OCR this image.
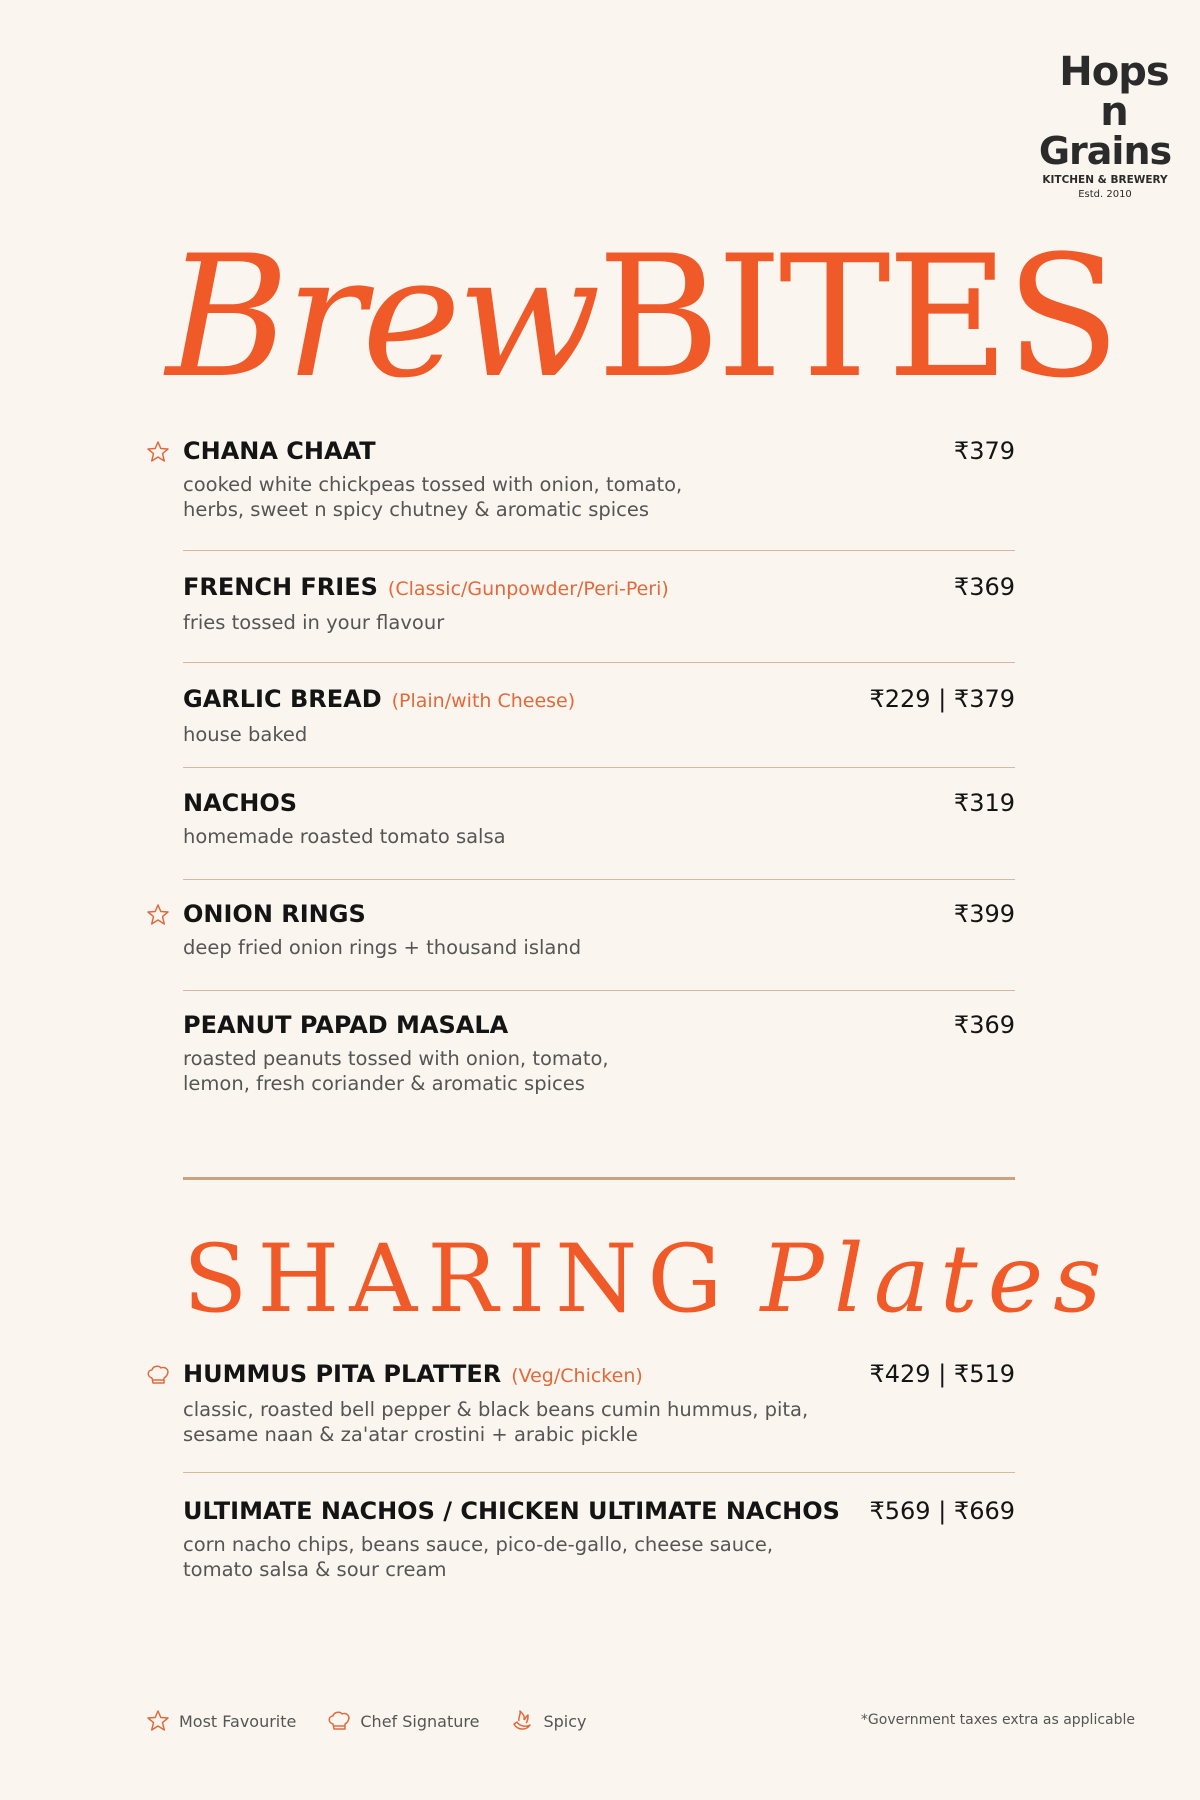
Hops n
Grains
KITCHEN & BREWERY
Estd. 2010
BrewBITES
CHANA CHAAT	₹379
cooked white chickpeas tossed with onion, tomato,
herbs, sweet n spicy chutney & aromatic spices
FRENCH FRIES (Classic/Gunpowder/Peri-Peri)	₹369
fries tossed in your flavour
GARLIC BREAD (Plain/with Cheese)	₹229 | ₹379
house baked
NACHOS	₹319
homemade roasted tomato salsa
ONION RINGS	₹399
deep fried onion rings + thousand island
PEANUT PAPAD MASALA	₹369
roasted peanuts tossed with onion, tomato,
lemon, fresh coriander & aromatic spices
SHARING Plates
HUMMUS PITA PLATTER (Veg/Chicken)	₹429 | ₹519
classic, roasted bell pepper & black beans cumin hummus, pita,
sesame naan & za'atar crostini + arabic pickle
ULTIMATE NACHOS / CHICKEN ULTIMATE NACHOS	₹569 | ₹669
corn nacho chips, beans sauce, pico-de-gallo, cheese sauce,
tomato salsa & sour cream
Most Favourite	Chef Signature	Spicy	*Government taxes extra as applicable
